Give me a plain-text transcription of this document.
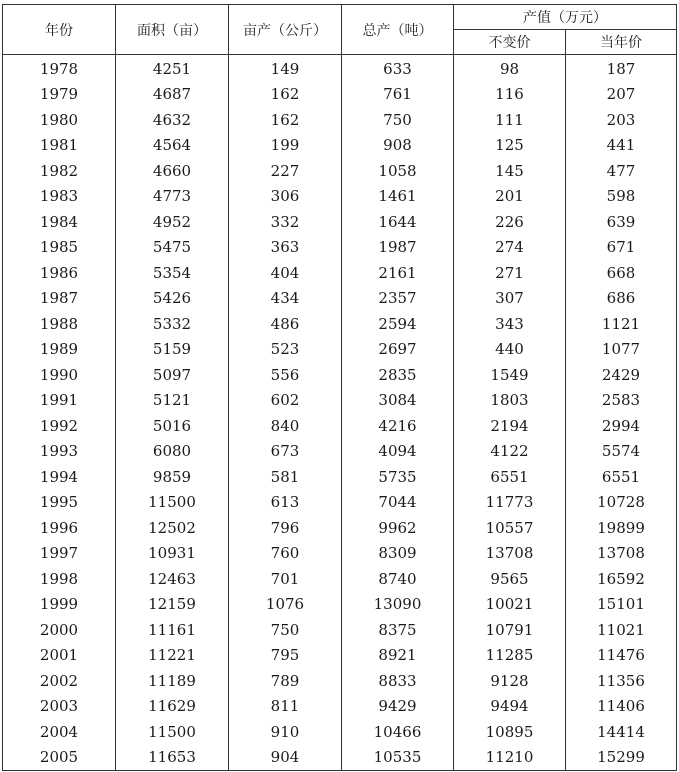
年份	面积（亩）	亩产（公斤）	总产（吨）	产值（万元）	
				不变价	当年价
1978	4251	149	633	98	187
1979	4687	162	761	116	207
1980	4632	162	750	111	203
1981	4564	199	908	125	441
1982	4660	227	1058	145	477
1983	4773	306	1461	201	598
1984	4952	332	1644	226	639
1985	5475	363	1987	274	671
1986	5354	404	2161	271	668
1987	5426	434	2357	307	686
1988	5332	486	2594	343	1121
1989	5159	523	2697	440	1077
1990	5097	556	2835	1549	2429
1991	5121	602	3084	1803	2583
1992	5016	840	4216	2194	2994
1993	6080	673	4094	4122	5574
1994	9859	581	5735	6551	6551
1995	11500	613	7044	11773	10728
1996	12502	796	9962	10557	19899
1997	10931	760	8309	13708	13708
1998	12463	701	8740	9565	16592
1999	12159	1076	13090	10021	15101
2000	11161	750	8375	10791	11021
2001	11221	795	8921	11285	11476
2002	11189	789	8833	9128	11356
2003	11629	811	9429	9494	11406
2004	11500	910	10466	10895	14414
2005	11653	904	10535	11210	15299
